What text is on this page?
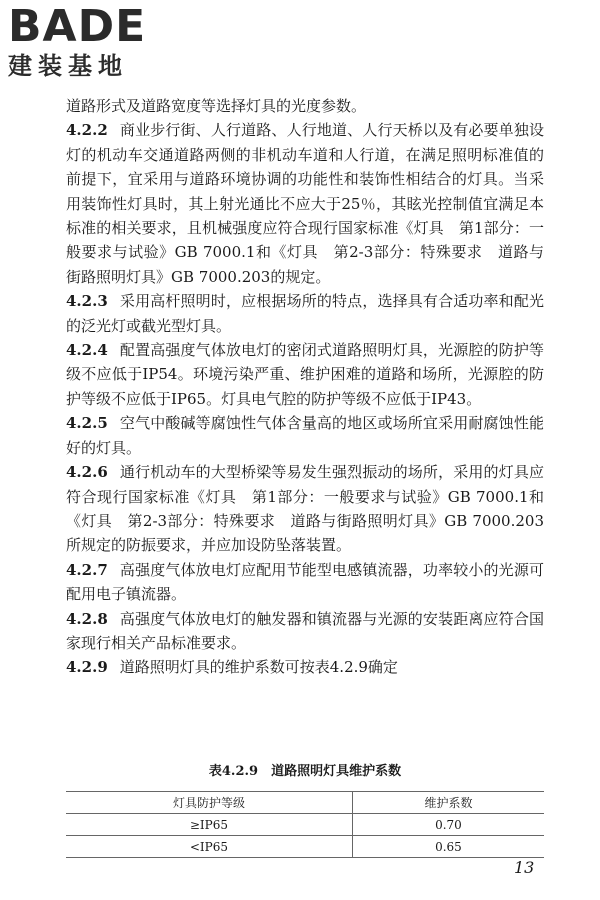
BADE
建装基地

道路形式及道路宽度等选择灯具的光度参数。

4.2.2 商业步行街、人行道路、人行地道、人行天桥以及有必要单独设灯的机动车交通道路两侧的非机动车道和人行道，在满足照明标准值的前提下，宜采用与道路环境协调的功能性和装饰性相结合的灯具。当采用装饰性灯具时，其上射光通比不应大于25％，其眩光控制值宜满足本标准的相关要求，且机械强度应符合现行国家标准《灯具　第1部分：一般要求与试验》GB 7000.1和《灯具　第2-3部分：特殊要求　道路与街路照明灯具》GB 7000.203的规定。

4.2.3 采用高杆照明时，应根据场所的特点，选择具有合适功率和配光的泛光灯或截光型灯具。

4.2.4 配置高强度气体放电灯的密闭式道路照明灯具，光源腔的防护等级不应低于IP54。环境污染严重、维护困难的道路和场所，光源腔的防护等级不应低于IP65。灯具电气腔的防护等级不应低于IP43。

4.2.5 空气中酸碱等腐蚀性气体含量高的地区或场所宜采用耐腐蚀性能好的灯具。

4.2.6 通行机动车的大型桥梁等易发生强烈振动的场所，采用的灯具应符合现行国家标准《灯具　第1部分：一般要求与试验》GB 7000.1和《灯具　第2-3部分：特殊要求　道路与街路照明灯具》GB 7000.203所规定的防振要求，并应加设防坠落装置。

4.2.7 高强度气体放电灯应配用节能型电感镇流器，功率较小的光源可配用电子镇流器。

4.2.8 高强度气体放电灯的触发器和镇流器与光源的安装距离应符合国家现行相关产品标准要求。

4.2.9 道路照明灯具的维护系数可按表4.2.9确定

表4.2.9　道路照明灯具维护系数
灯具防护等级	维护系数
≥IP65	0.70
<IP65	0.65
13
